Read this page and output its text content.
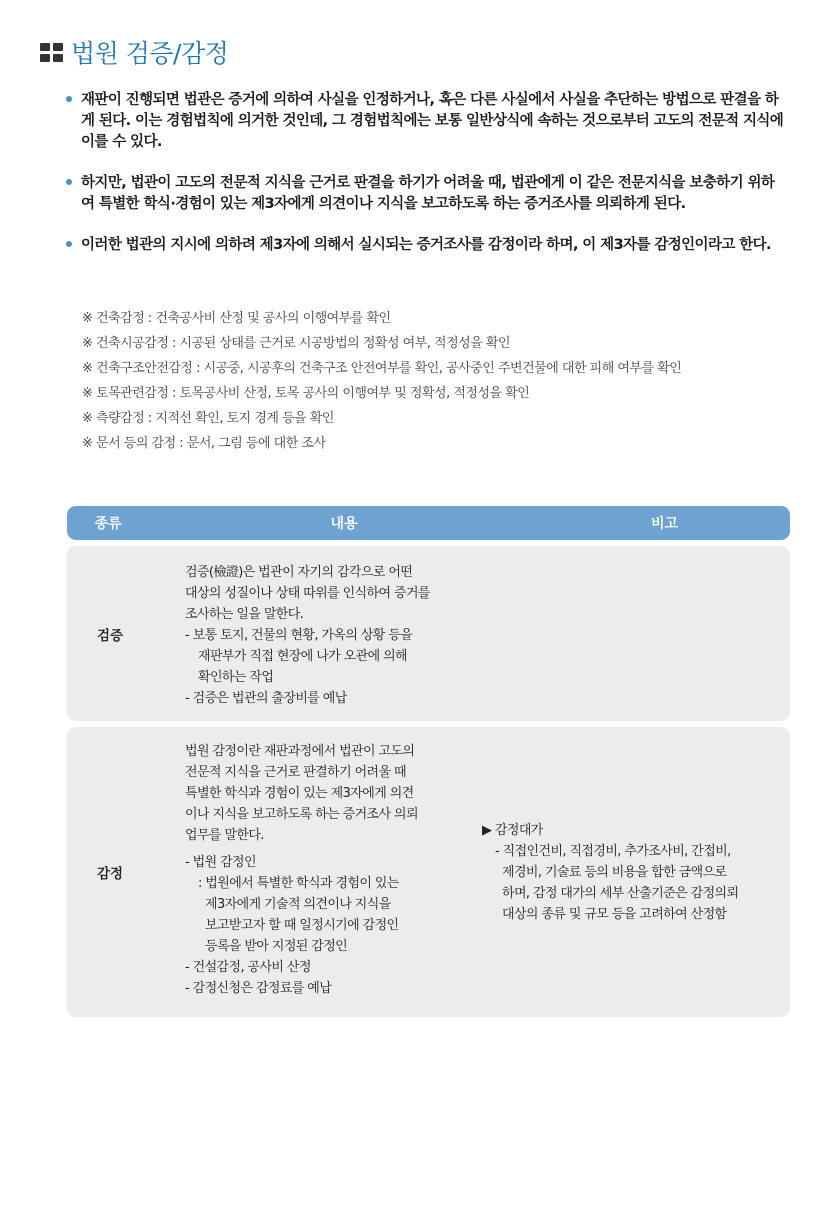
법원 검증/감정

재판이 진행되면 법관은 증거에 의하여 사실을 인정하거나, 혹은 다른 사실에서 사실을 추단하는 방법으로 판결을 하게 된다. 이는 경험법칙에 의거한 것인데, 그 경험법칙에는 보통 일반상식에 속하는 것으로부터 고도의 전문적 지식에 이를 수 있다.

하지만, 법관이 고도의 전문적 지식을 근거로 판결을 하기가 어려울 때, 법관에게 이 같은 전문지식을 보충하기 위하여 특별한 학식·경험이 있는 제3자에게 의견이나 지식을 보고하도록 하는 증거조사를 의뢰하게 된다.

이러한 법관의 지시에 의하려 제3자에 의해서 실시되는 증거조사를 감정이라 하며, 이 제3자를 감정인이라고 한다.

※ 건축감정 : 건축공사비 산정 및 공사의 이행여부를 확인

※ 건축시공감정 : 시공된 상태를 근거로 시공방법의 정확성 여부, 적정성을 확인

※ 건축구조안전감정 : 시공중, 시공후의 건축구조 안전여부를 확인, 공사중인 주변건물에 대한 피해 여부를 확인

※ 토목관련감정 : 토목공사비 산정, 토목 공사의 이행여부 및 정확성, 적정성을 확인

※ 측량감정 : 지적선 확인, 토지 경계 등을 확인

※ 문서 등의 감정 : 문서, 그림 등에 대한 조사

종류	내용	비고
검증
검증(檢證)은 법관이 자기의 감각으로 어떤
대상의 성질이나 상태 따위를 인식하여 증거를
조사하는 일을 말한다.
- 보통 토지, 건물의 현황, 가옥의 상황 등을
재판부가 직접 현장에 나가 오관에 의해
확인하는 작업
- 검증은 법관의 출장비를 예납
감정
법원 감정이란 재판과정에서 법관이 고도의
전문적 지식을 근거로 판결하기 어려울 때
특별한 학식과 경험이 있는 제3자에게 의견
이나 지식을 보고하도록 하는 증거조사 의뢰
업무를 말한다.
- 법원 감정인
: 법원에서 특별한 학식과 경험이 있는
제3자에게 기술적 의견이나 지식을
보고받고자 할 때 일정시기에 감정인
등록을 받아 지정된 감정인
- 건설감정, 공사비 산정
- 감정신청은 감정료를 예납
▶ 감정대가
- 직접인건비, 직접경비, 추가조사비, 간접비,
제경비, 기술료 등의 비용을 합한 금액으로
하며, 감정 대가의 세부 산출기준은 감정의뢰
대상의 종류 및 규모 등을 고려하여 산정함
